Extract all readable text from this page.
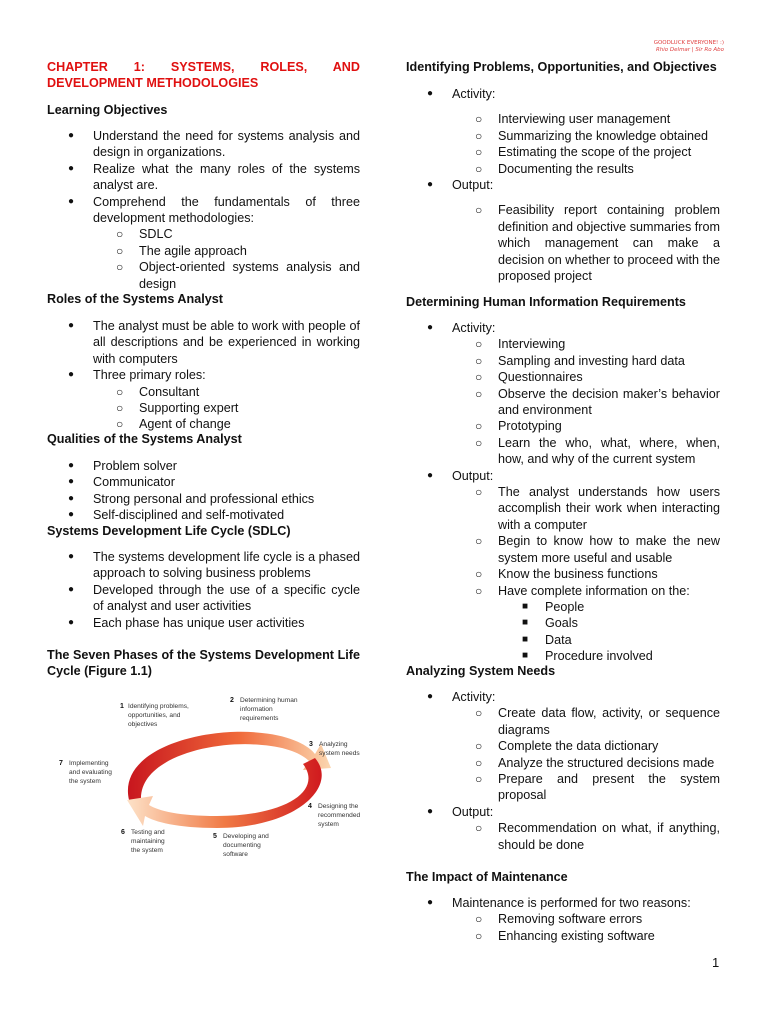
GOODLUCK EVERYONE! :)
Rhio Delmar | Sir Ro Abo
CHAPTER 1: SYSTEMS, ROLES, AND DEVELOPMENT METHODOLOGIES
Learning Objectives
● Understand the need for systems analysis and design in organizations.
● Realize what the many roles of the systems analyst are.
● Comprehend the fundamentals of three development methodologies:
○ SDLC
○ The agile approach
○ Object-oriented systems analysis and design
Roles of the Systems Analyst
● The analyst must be able to work with people of all descriptions and be experienced in working with computers
● Three primary roles:
○ Consultant
○ Supporting expert
○ Agent of change
Qualities of the Systems Analyst
● Problem solver
● Communicator
● Strong personal and professional ethics
● Self-disciplined and self-motivated
Systems Development Life Cycle (SDLC)
● The systems development life cycle is a phased approach to solving business problems
● Developed through the use of a specific cycle of analyst and user activities
● Each phase has unique user activities
The Seven Phases of the Systems Development Life Cycle (Figure 1.1)
1 Identifying problems,
opportunities, and
objectives
2 Determining human
information
requirements
3 Analyzing
system needs
4 Designing the
recommended
system
5 Developing and
documenting
software
6 Testing and
maintaining
the system
7 Implementing
and evaluating
the system
Identifying Problems, Opportunities, and Objectives
● Activity:
○ Interviewing user management
○ Summarizing the knowledge obtained
○ Estimating the scope of the project
○ Documenting the results
● Output:
○ Feasibility report containing problem definition and objective summaries from which management can make a decision on whether to proceed with the proposed project
Determining Human Information Requirements
● Activity:
○ Interviewing
○ Sampling and investing hard data
○ Questionnaires
○ Observe the decision maker’s behavior and environment
○ Prototyping
○ Learn the who, what, where, when, how, and why of the current system
● Output:
○ The analyst understands how users accomplish their work when interacting with a computer
○ Begin to know how to make the new system more useful and usable
○ Know the business functions
○ Have complete information on the:
■ People
■ Goals
■ Data
■ Procedure involved
Analyzing System Needs
● Activity:
○ Create data flow, activity, or sequence diagrams
○ Complete the data dictionary
○ Analyze the structured decisions made
○ Prepare and present the system proposal
● Output:
○ Recommendation on what, if anything, should be done
The Impact of Maintenance
● Maintenance is performed for two reasons:
○ Removing software errors
○ Enhancing existing software
1
